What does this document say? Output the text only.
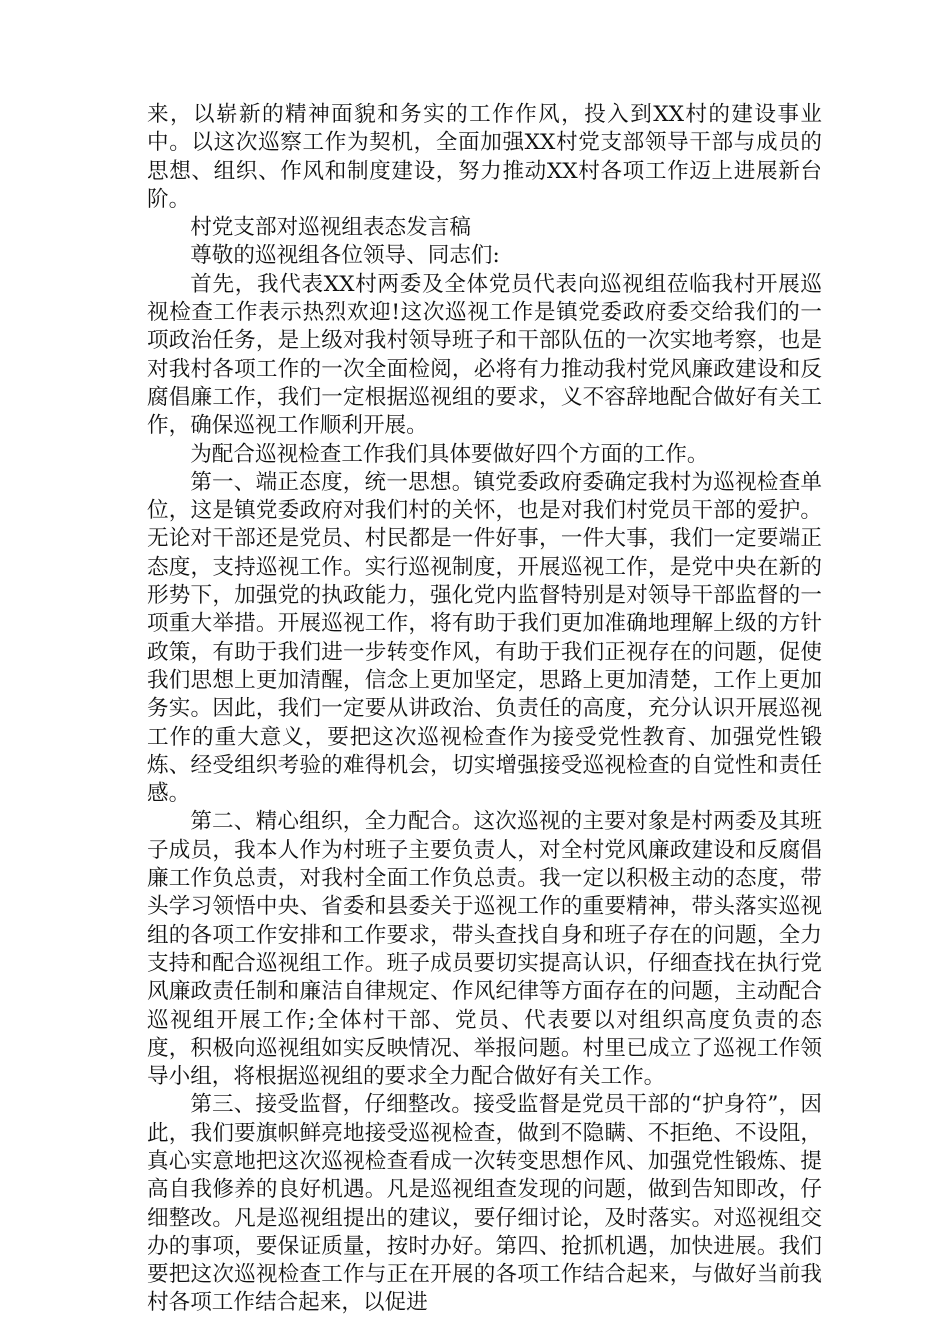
来，以崭新的精神面貌和务实的工作作风，投入到XX村的建设事业中。以这次巡察工作为契机，全面加强XX村党支部领导干部与成员的思想、组织、作风和制度建设，努力推动XX村各项工作迈上进展新台阶。

村党支部对巡视组表态发言稿

尊敬的巡视组各位领导、同志们:

首先，我代表XX村两委及全体党员代表向巡视组莅临我村开展巡视检查工作表示热烈欢迎!这次巡视工作是镇党委政府委交给我们的一项政治任务，是上级对我村领导班子和干部队伍的一次实地考察，也是对我村各项工作的一次全面检阅，必将有力推动我村党风廉政建设和反腐倡廉工作，我们一定根据巡视组的要求，义不容辞地配合做好有关工作，确保巡视工作顺利开展。

为配合巡视检查工作我们具体要做好四个方面的工作。

第一、端正态度，统一思想。镇党委政府委确定我村为巡视检查单位，这是镇党委政府对我们村的关怀，也是对我们村党员干部的爱护。无论对干部还是党员、村民都是一件好事，一件大事，我们一定要端正态度，支持巡视工作。实行巡视制度，开展巡视工作，是党中央在新的形势下，加强党的执政能力，强化党内监督特别是对领导干部监督的一项重大举措。开展巡视工作，将有助于我们更加准确地理解上级的方针政策，有助于我们进一步转变作风，有助于我们正视存在的问题，促使我们思想上更加清醒，信念上更加坚定，思路上更加清楚，工作上更加务实。因此，我们一定要从讲政治、负责任的高度，充分认识开展巡视工作的重大意义，要把这次巡视检查作为接受党性教育、加强党性锻炼、经受组织考验的难得机会，切实增强接受巡视检查的自觉性和责任感。

第二、精心组织，全力配合。这次巡视的主要对象是村两委及其班子成员，我本人作为村班子主要负责人，对全村党风廉政建设和反腐倡廉工作负总责，对我村全面工作负总责。我一定以积极主动的态度，带头学习领悟中央、省委和县委关于巡视工作的重要精神，带头落实巡视组的各项工作安排和工作要求，带头查找自身和班子存在的问题，全力支持和配合巡视组工作。班子成员要切实提高认识，仔细查找在执行党风廉政责任制和廉洁自律规定、作风纪律等方面存在的问题，主动配合巡视组开展工作;全体村干部、党员、代表要以对组织高度负责的态度，积极向巡视组如实反映情况、举报问题。村里已成立了巡视工作领导小组，将根据巡视组的要求全力配合做好有关工作。

第三、接受监督，仔细整改。接受监督是党员干部的“护身符”，因此，我们要旗帜鲜亮地接受巡视检查，做到不隐瞒、不拒绝、不设阻，真心实意地把这次巡视检查看成一次转变思想作风、加强党性锻炼、提高自我修养的良好机遇。凡是巡视组查发现的问题，做到告知即改，仔细整改。凡是巡视组提出的建议，要仔细讨论，及时落实。对巡视组交办的事项，要保证质量，按时办好。第四、抢抓机遇，加快进展。我们要把这次巡视检查工作与正在开展的各项工作结合起来，与做好当前我村各项工作结合起来，以促进
